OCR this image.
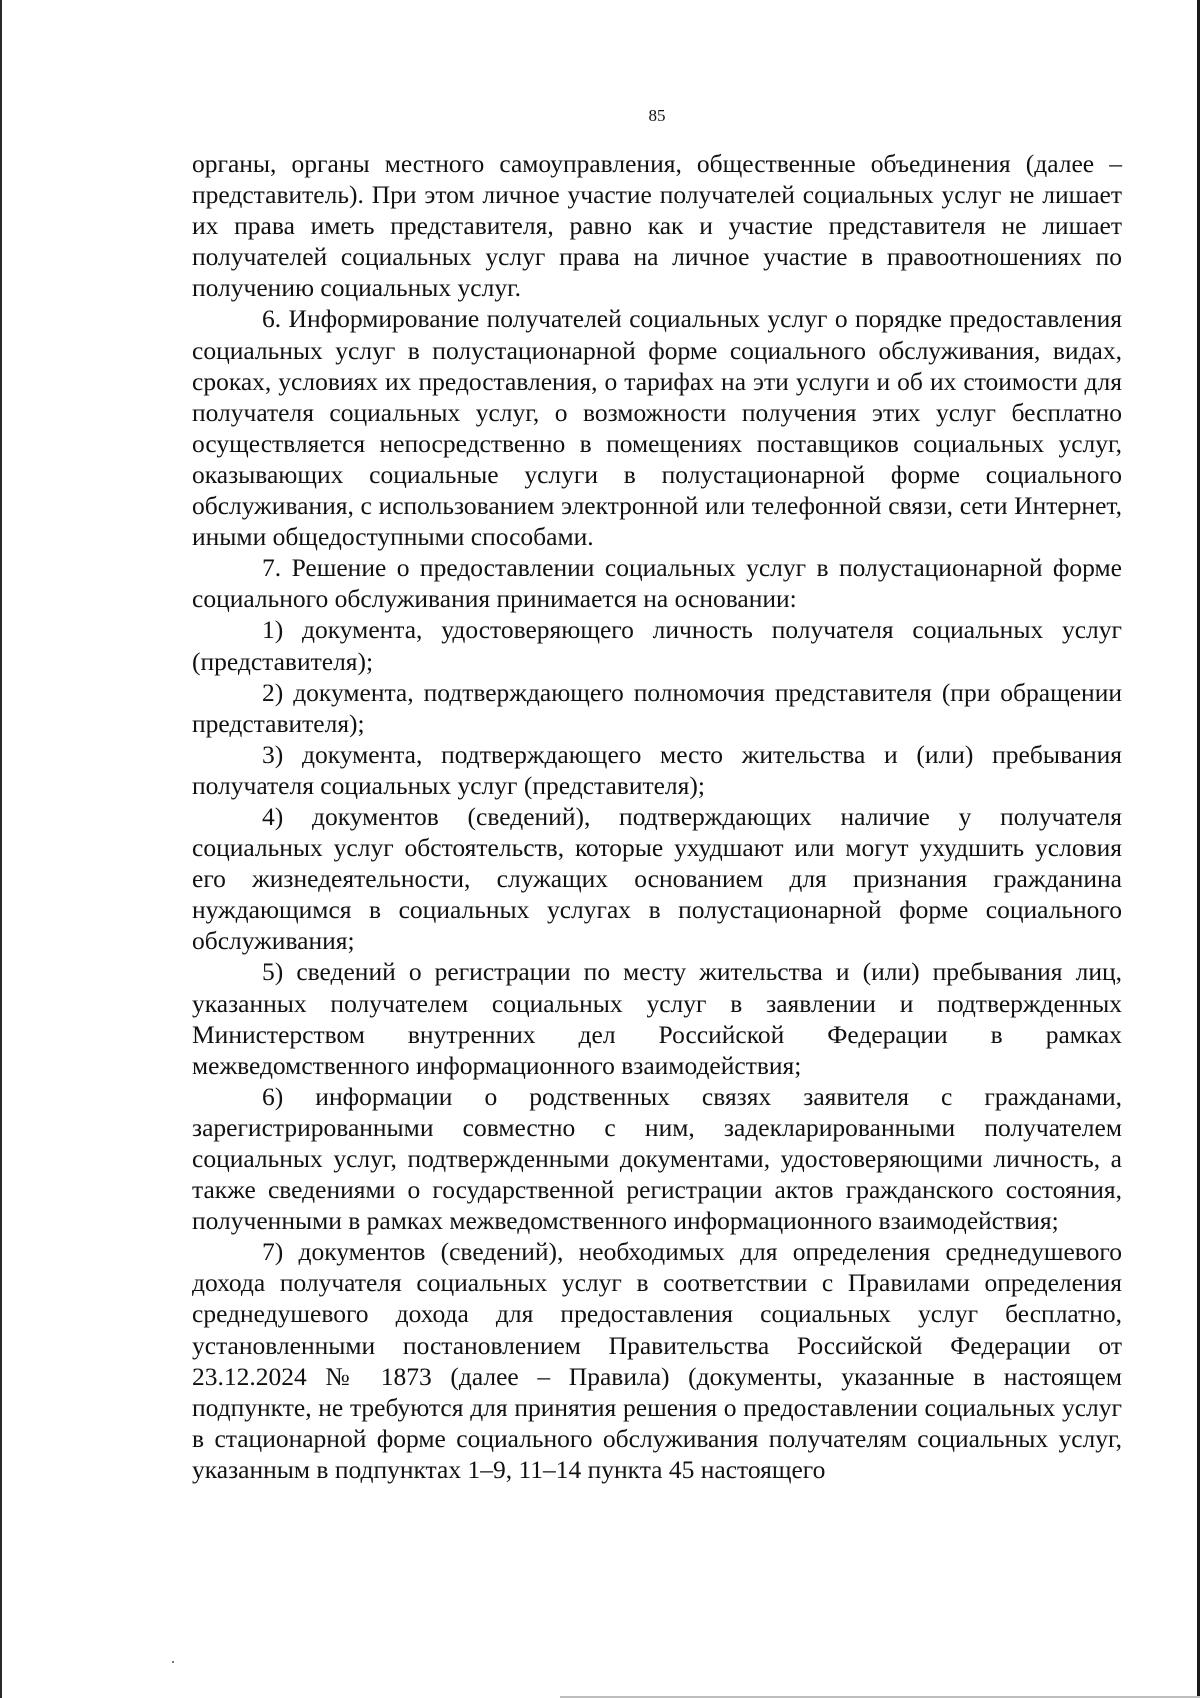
85

органы, органы местного самоуправления, общественные объединения (далее – представитель). При этом личное участие получателей социальных услуг не лишает их права иметь представителя, равно как и участие представителя не лишает получателей социальных услуг права на личное участие в правоотношениях по получению социальных услуг.

6. Информирование получателей социальных услуг о порядке предоставления социальных услуг в полустационарной форме социального обслуживания, видах, сроках, условиях их предоставления, о тарифах на эти услуги и об их стоимости для получателя социальных услуг, о возможности получения этих услуг бесплатно осуществляется непосредственно в помещениях поставщиков социальных услуг, оказывающих социальные услуги в полустационарной форме социального обслуживания, с использованием электронной или телефонной связи, сети Интернет, иными общедоступными способами.

7. Решение о предоставлении социальных услуг в полустационарной форме социального обслуживания принимается на основании:

1) документа, удостоверяющего личность получателя социальных услуг (представителя);

2) документа, подтверждающего полномочия представителя (при обращении представителя);

3) документа, подтверждающего место жительства и (или) пребывания получателя социальных услуг (представителя);

4) документов (сведений), подтверждающих наличие у получателя социальных услуг обстоятельств, которые ухудшают или могут ухудшить условия его жизнедеятельности, служащих основанием для признания гражданина нуждающимся в социальных услугах в полустационарной форме социального обслуживания;

5) сведений о регистрации по месту жительства и (или) пребывания лиц, указанных получателем социальных услуг в заявлении и подтвержденных Министерством внутренних дел Российской Федерации в рамках межведомственного информационного взаимодействия;

6) информации о родственных связях заявителя с гражданами, зарегистрированными совместно с ним, задекларированными получателем социальных услуг, подтвержденными документами, удостоверяющими личность, а также сведениями о государственной регистрации актов гражданского состояния, полученными в рамках межведомственного информационного взаимодействия;

7) документов (сведений), необходимых для определения среднедушевого дохода получателя социальных услуг в соответствии с Правилами определения среднедушевого дохода для предоставления социальных услуг бесплатно, установленными постановлением Правительства Российской Федерации от 23.12.2024 № 1873 (далее – Правила) (документы, указанные в настоящем подпункте, не требуются для принятия решения о предоставлении социальных услуг в стационарной форме социального обслуживания получателям социальных услуг, указанным в подпунктах 1–9, 11–14 пункта 45 настоящего
